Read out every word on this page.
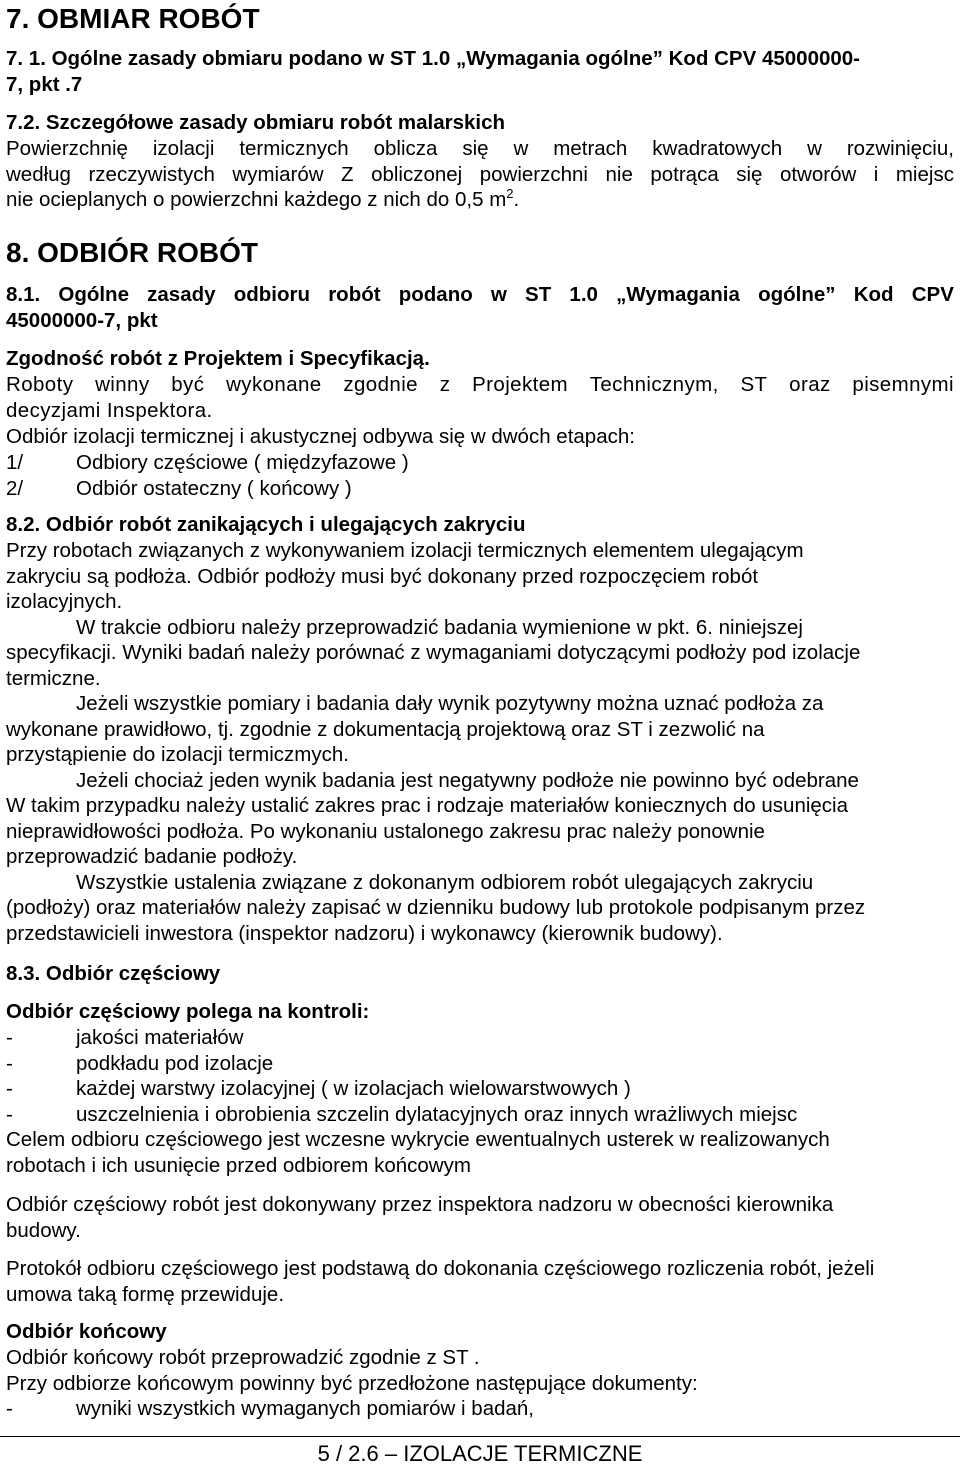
7. OBMIAR ROBÓT
7. 1. Ogólne zasady obmiaru podano w ST 1.0 „Wymagania ogólne” Kod CPV 45000000-
7, pkt .7
7.2. Szczegółowe zasady obmiaru robót malarskich
Powierzchnię izolacji termicznych oblicza się w metrach kwadratowych w rozwinięciu,
według rzeczywistych wymiarów Z obliczonej powierzchni nie potrąca się otworów i miejsc
nie ocieplanych o powierzchni każdego z nich do 0,5 $m^2$.
8. ODBIÓR ROBÓT
8.1. Ogólne zasady odbioru robót podano w ST 1.0 „Wymagania ogólne” Kod CPV
45000000-7, pkt
Zgodność robót z Projektem i Specyfikacją.
Roboty winny być wykonane zgodnie z Projektem Technicznym, ST oraz pisemnymi
decyzjami Inspektora.
Odbiór izolacji termicznej i akustycznej odbywa się w dwóch etapach:
1/	Odbiory częściowe ( międzyfazowe )
2/	Odbiór ostateczny ( końcowy )
8.2. Odbiór robót zanikających i ulegających zakryciu
Przy robotach związanych z wykonywaniem izolacji termicznych elementem ulegającym
zakryciu są podłoża. Odbiór podłoży musi być dokonany przed rozpoczęciem robót
izolacyjnych.
W trakcie odbioru należy przeprowadzić badania wymienione w pkt. 6. niniejszej
specyfikacji. Wyniki badań należy porównać z wymaganiami dotyczącymi podłoży pod izolacje
termiczne.
Jeżeli wszystkie pomiary i badania dały wynik pozytywny można uznać podłoża za
wykonane prawidłowo, tj. zgodnie z dokumentacją projektową oraz ST i zezwolić na
przystąpienie do izolacji termiczmych.
Jeżeli chociaż jeden wynik badania jest negatywny podłoże nie powinno być odebrane
W takim przypadku należy ustalić zakres prac i rodzaje materiałów koniecznych do usunięcia
nieprawidłowości podłoża. Po wykonaniu ustalonego zakresu prac należy ponownie
przeprowadzić badanie podłoży.
Wszystkie ustalenia związane z dokonanym odbiorem robót ulegających zakryciu
(podłoży) oraz materiałów należy zapisać w dzienniku budowy lub protokole podpisanym przez
przedstawicieli inwestora (inspektor nadzoru) i wykonawcy (kierownik budowy).
8.3. Odbiór częściowy
Odbiór częściowy polega na kontroli:
-	jakości materiałów
-	podkładu pod izolacje
-	każdej warstwy izolacyjnej ( w izolacjach wielowarstwowych )
-	uszczelnienia i obrobienia szczelin dylatacyjnych oraz innych wrażliwych miejsc
Celem odbioru częściowego jest wczesne wykrycie ewentualnych usterek w realizowanych
robotach i ich usunięcie przed odbiorem końcowym
Odbiór częściowy robót jest dokonywany przez inspektora nadzoru w obecności kierownika
budowy.
Protokół odbioru częściowego jest podstawą do dokonania częściowego rozliczenia robót, jeżeli
umowa taką formę przewiduje.
Odbiór końcowy
Odbiór końcowy robót przeprowadzić zgodnie z ST .
Przy odbiorze końcowym powinny być przedłożone następujące dokumenty:
-	wyniki wszystkich wymaganych pomiarów i badań,
5 / 2.6 – IZOLACJE TERMICZNE
